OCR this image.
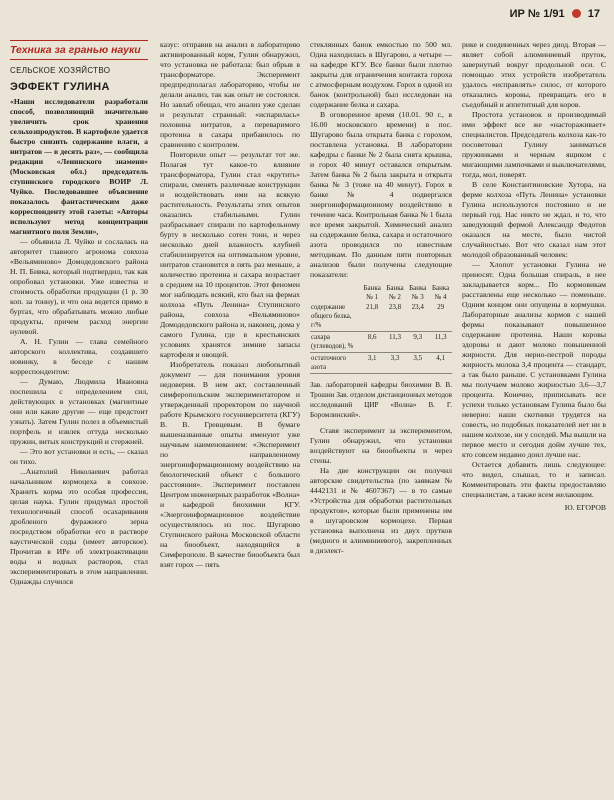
ИР № 1/91 17
Техника за гранью науки
СЕЛЬСКОЕ ХОЗЯЙСТВО
ЭФФЕКТ ГУЛИНА

«Наши исследователи разработали способ, позволяющий значительно увеличить срок хранения сельхозпродуктов. В картофеле удается быстро снизить содержание влаги, а нитратов — в десять раз», — сообщила редакции «Ленинского знамени» (Московская обл.) председатель ступинского городского ВОИР Л. Чуйко. Последовавшее объяснение показалось фантастическим даже корреспонденту этой газеты: «Авторы используют метод концентрации магнитного поля Земли»,

— объявила Л. Чуйко и сослалась на авторитет главного агронома совхоза «Вельяминово» Домодедовского района Н. П. Бивка, который подтвердил, так как опробовал установки. Уже известна и стоимость обработки продукции (1 р. 30 коп. за тонну), и что она ведется прямо в буртах, что обрабатывать можно любые продукты, причем расход энергии нулевой.

А. Н. Гулин — глава семейного авторского коллектива, создавшего новинку, в беседе с нашим корреспондентом:

— Думаю, Людмила Ивановна поспешила с определением сил, действующих в установках (магнитные они или какие другие — еще предстоит узнать). Затем Гулин полез в объемистый портфель и извлек оттуда несколько пружин, витых конструкций и стержней.

— Это вот установки и есть, — сказал он тихо.

...Анатолий Николаевич работал начальником кормоцеха в совхозе. Хранить корма это особая профессия, целая наука. Гулин придумал простой технологичный способ осахаривания дробленого фуражного зерна посредством обработки его в растворе каустической соды (имеет авторское). Прочитав в ИРе об электроактивации воды и водных растворов, стал экспериментировать в этом направлении. Однажды случился

казус: отправив на анализ в лабораторию активированный корм, Гулин обнаружил, что установка не работала: был обрыв в трансформаторе. Эксперимент предпредполагал лабораторию, чтобы не делали анализ, так как опыт не состоялся. Но завлаб обещал, что анализ уже сделан и результат странный: «испарилась» половина нитратов, а переваримого протеина в сахара прибавилось по сравнению с контролем.

Повторили опыт — результат тот же. Полагая тут какое-то влияние трансформатора, Гулин стал «крутить» спирали, сменять различные конструкции и воздействовать ими на всякую растительность. Результаты этих опытов оказались стабильными. Гулин разбрасывает спирали по картофельному бурту в несколько сотен тонн, и через несколько дней влажность клубней стабилизируется на оптимальном уровне, нитратов становится в пять раз меньше, а количество протеина и сахара возрастает в среднем на 10 процентов. Этот феномен мог наблюдать всякий, кто был на фермах колхоза «Путь Ленина» Ступинского района, совхоза «Вельяминово» Домодедовского района и, наконец, дома у самого Гулина, где в крестьянских условиях хранятся зимние запасы картофеля и овощей.

Изобретатель показал любопытный документ — для понимания уровня недоверия. В нем акт, составленный симферопольским экспериментатором и утвержденный проректором по научной работе Крымского госуниверситета (КГУ) В. В. Гревцевым. В бумаге вышеназванные опыты именуют уже научным наименованием: «Эксперимент по направленному энергоинформационному воздействию на биологический объект с большого расстояния». Эксперимент поставлен Центром инженерных разработок «Волна» и кафедрой биохимии КГУ. «Энергоинформационное воздействие осуществлялось из пос. Шугарово Ступинского района Московской области на биообъект, находящийся в Симферополе. В качестве биообъекта был взят горох — пять

стеклянных банок емкостью по 500 мл. Одна находилась в Шугарово, а четыре — на кафедре КГУ. Все банки были плотно закрыты для ограничения контакта гороха с атмосферным воздухом. Горох в одной из банок (контрольной) был исследован на содержание белка и сахара.

В оговоренное время (10.01. 90 г., в 16.00 московского времени) в пос. Шугарово была открыта банка с горохом, поставлена установка. В лаборатории кафедры с банки № 2 была снята крышка, и горох 40 минут оставался открытым. Затем банка № 2 была закрыта и открыта банка № 3 (тоже на 40 минут). Горох в банке № 4 подвергался энергоинформационному воздействию в течение часа. Контрольная банка № 1 была все время закрытой. Химический анализ на содержание белка, сахара и остаточного азота проводился по известным методикам. По данным пяти повторных анализов были получены следующие показатели:

	Банка № 1	Банка № 2	Банка № 3	Банка № 4
содержание общего белка, г/%	21,8	23,8	23,4	29
сахара (углеводов), %	8,6	11,3	9,3	11,3
остаточного азота	3,1	3,3	3,5	4,1

Зав. лабораторией кафедры биохимии В. В. Трошин Зав. отделом дистанционных методов исследований ЦИР «Волна» В. Г. Боромлинский».

Ставя эксперимент за экспериментом, Гулин обнаружил, что установки воздействуют на биообъекты и через стены.

На две конструкции он получил авторские свидетельства (по заявкам № 4442131 и № 4607367) — в то самые «Устройства для обработки растительных продуктов», которые были применены им в шугаровском кормоцехе. Первая установка выполнена из двух прутков (медного и алюминиевого), закрепленных в диэлект-

рике и соединенных через диод. Вторая — являет собой алюминиевый пруток, завернутый вокруг продольной оси. С помощью этих устройств изобретатель удалось «исправлять» силос, от которого отказались коровы, превращать его в съедобный и аппетитный для коров.

Простота установок и производимый ими эффект все же «настораживает» специалистов. Председатель колхоза как-то посоветовал Гулину заниматься пружинками и черным ящиком с мигающими лампочками и выключателями, тогда, мол, поверят.

В селе Константиновские Хутора, на ферме колхоза «Путь Ленина» установки Гулина используются постоянно и не первый год. Нас никто не ждал, и то, что заведующий фермой Александр Федотов оказался на месте, было чистой случайностью. Вот что сказал нам этот молодой образованный человек:

— Хлопот установки Гулина не приносят. Одна большая спираль, в нее закладывается корм... По кормовикам расставлены еще несколько — поменьше. Одним концом они опущены в кормушки. Лабораторные анализы кормов с нашей фермы показывают повышенное содержание протеина. Наши коровы здоровы и дают молоко повышенной жирности. Для нерно-пестрой породы жирность молока 3,4 процента — стандарт, а так было раньше. С установками Гулина мы получаем молоко жирностью 3,6—3,7 процента. Конечно, приписывать все успехи только установкам Гулина было бы неверно: наши скотники трудятся на совесть, но подобных показателей нет ни в нашем колхозе, ни у соседей. Мы вышли на первое место и сегодня дойм лучше тех, кто совсем недавно доил лучше нас.

Остается добавить лишь следующее: что видел, слышал, то и записал. Комментировать эти факты предоставляю специалистам, а также всем желающим.

Ю. ЕГОРОВ
